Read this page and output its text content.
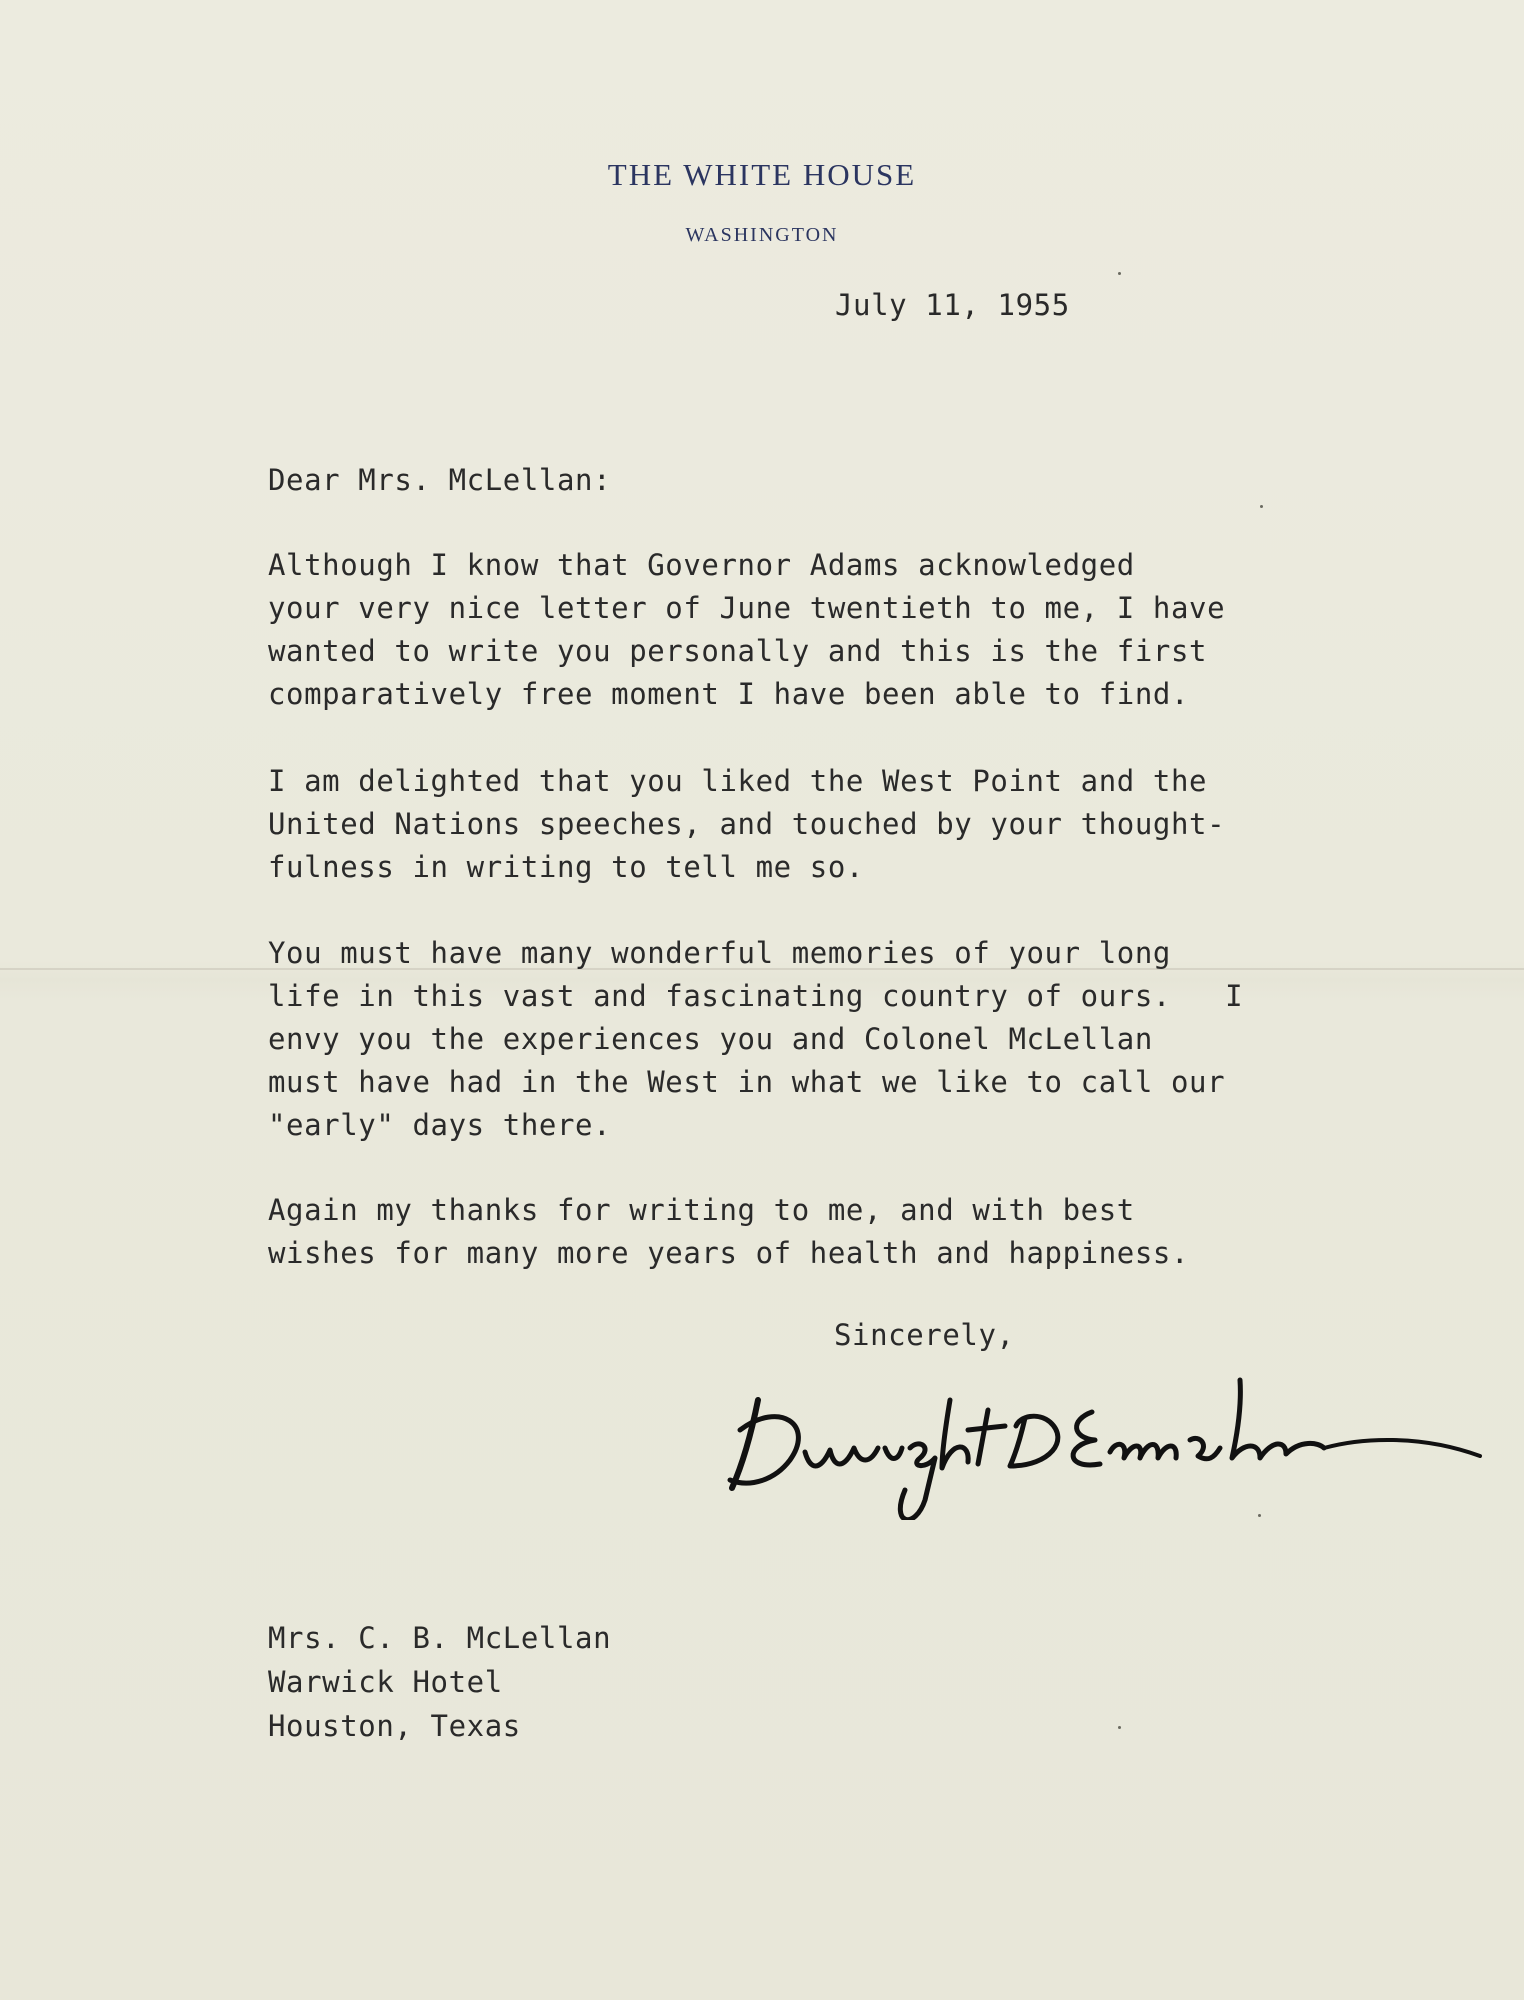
THE WHITE HOUSE
WASHINGTON
July 11, 1955
Dear Mrs. McLellan:
Although I know that Governor Adams acknowledged
your very nice letter of June twentieth to me, I have
wanted to write you personally and this is the first
comparatively free moment I have been able to find.
I am delighted that you liked the West Point and the
United Nations speeches, and touched by your thought-
fulness in writing to tell me so.
You must have many wonderful memories of your long
life in this vast and fascinating country of ours.   I
envy you the experiences you and Colonel McLellan
must have had in the West in what we like to call our
"early" days there.
Again my thanks for writing to me, and with best
wishes for many more years of health and happiness.
Sincerely,
Mrs. C. B. McLellan
Warwick Hotel
Houston, Texas
